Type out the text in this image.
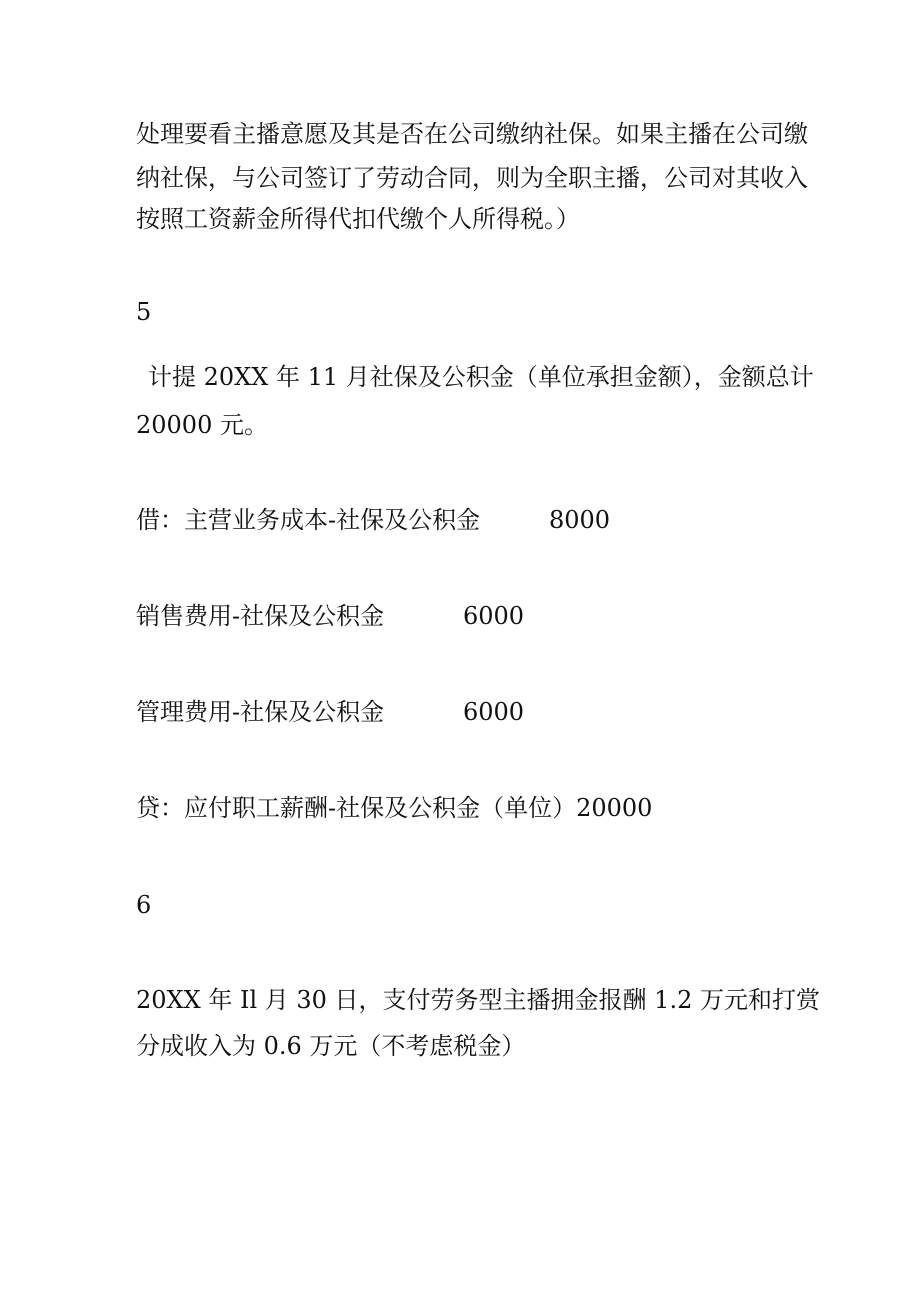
处理要看主播意愿及其是否在公司缴纳社保。如果主播在公司缴
纳社保，与公司签订了劳动合同，则为全职主播，公司对其收入
按照工资薪金所得代扣代缴个人所得税。）
5
计提 20XX 年 11 月社保及公积金（单位承担金额），金额总计
20000 元。
借：主营业务成本-社保及公积金	8000
销售费用-社保及公积金	6000
管理费用-社保及公积金	6000
贷：应付职工薪酬-社保及公积金（单位）20000
6
20XX 年 Il 月 30 日，支付劳务型主播拥金报酬 1.2 万元和打赏
分成收入为 0.6 万元（不考虑税金）
